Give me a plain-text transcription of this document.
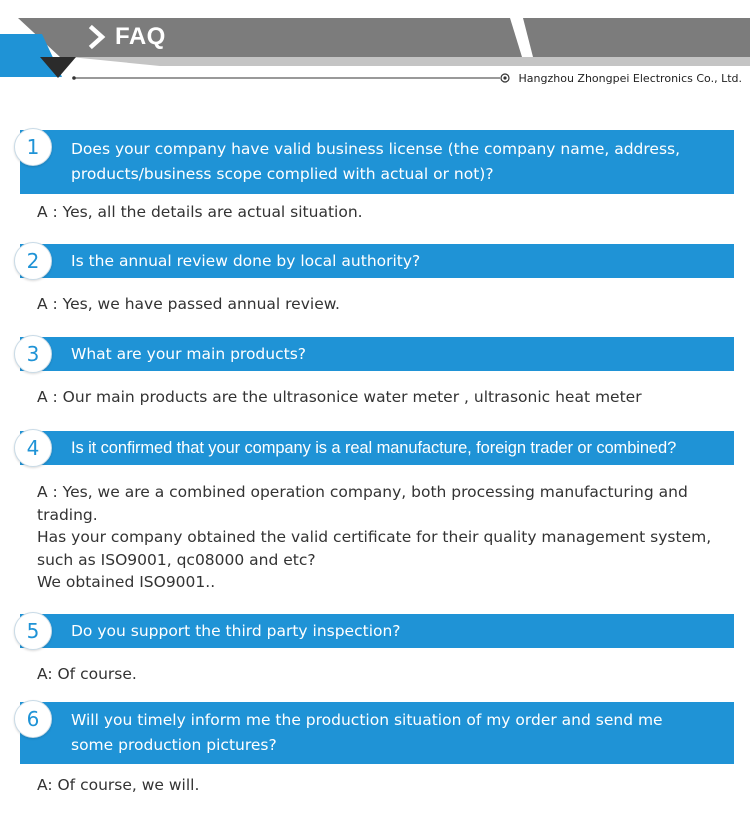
FAQ
Hangzhou Zhongpei Electronics Co., Ltd.
Does your company have valid business license (the company name, address,
products/business scope complied with actual or not)?
1
A : Yes, all the details are actual situation.
Is the annual review done by local authority?
2
A : Yes, we have passed annual review.
What are your main products?
3
A : Our main products are the ultrasonice water meter , ultrasonic heat meter
Is it confirmed that your company is a real manufacture, foreign trader or combined?
4
A : Yes, we are a combined operation company, both processing manufacturing and
trading.
Has your company obtained the valid certificate for their quality management system,
such as ISO9001, qc08000 and etc?
We obtained ISO9001..
Do you support the third party inspection?
5
A: Of course.
Will you timely inform me the production situation of my order and send me
some production pictures?
6
A: Of course, we will.
